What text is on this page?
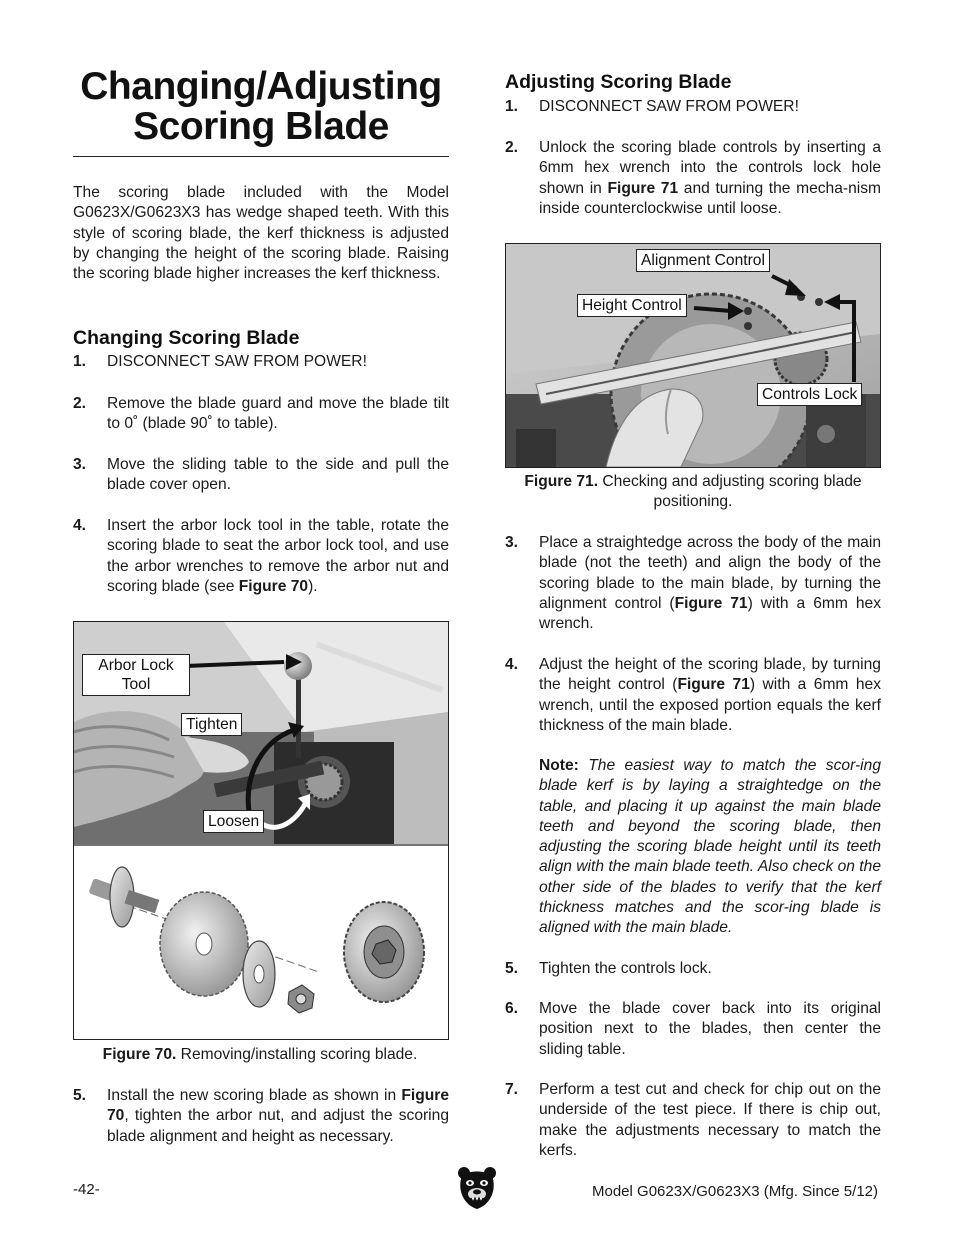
Changing/Adjusting
Scoring Blade
The scoring blade included with the Model G0623X/G0623X3 has wedge shaped teeth. With this style of scoring blade, the kerf thickness is adjusted by changing the height of the scoring blade. Raising the scoring blade higher increases the kerf thickness.
Changing Scoring Blade
1. DISCONNECT SAW FROM POWER!
2. Remove the blade guard and move the blade tilt to 0˚ (blade 90˚ to table).
3. Move the sliding table to the side and pull the blade cover open.
4. Insert the arbor lock tool in the table, rotate the scoring blade to seat the arbor lock tool, and use the arbor wrenches to remove the arbor nut and scoring blade (see Figure 70).
Arbor Lock
Tool
Tighten
Loosen
Figure 70. Removing/installing scoring blade.
5. Install the new scoring blade as shown in Figure 70, tighten the arbor nut, and adjust the scoring blade alignment and height as necessary.
Adjusting Scoring Blade
1. DISCONNECT SAW FROM POWER!
2. Unlock the scoring blade controls by inserting a 6mm hex wrench into the controls lock hole shown in Figure 71 and turning the mecha-nism inside counterclockwise until loose.
Alignment Control
Height Control
Controls Lock
Figure 71. Checking and adjusting scoring blade positioning.
3. Place a straightedge across the body of the main blade (not the teeth) and align the body of the scoring blade to the main blade, by turning the alignment control (Figure 71) with a 6mm hex wrench.
4. Adjust the height of the scoring blade, by turning the height control (Figure 71) with a 6mm hex wrench, until the exposed portion equals the kerf thickness of the main blade.
Note: The easiest way to match the scor-ing blade kerf is by laying a straightedge on the table, and placing it up against the main blade teeth and beyond the scoring blade, then adjusting the scoring blade height until its teeth align with the main blade teeth. Also check on the other side of the blades to verify that the kerf thickness matches and the scor-ing blade is aligned with the main blade.
5. Tighten the controls lock.
6. Move the blade cover back into its original position next to the blades, then center the sliding table.
7. Perform a test cut and check for chip out on the underside of the test piece. If there is chip out, make the adjustments necessary to match the kerfs.
-42-	Model G0623X/G0623X3 (Mfg. Since 5/12)
